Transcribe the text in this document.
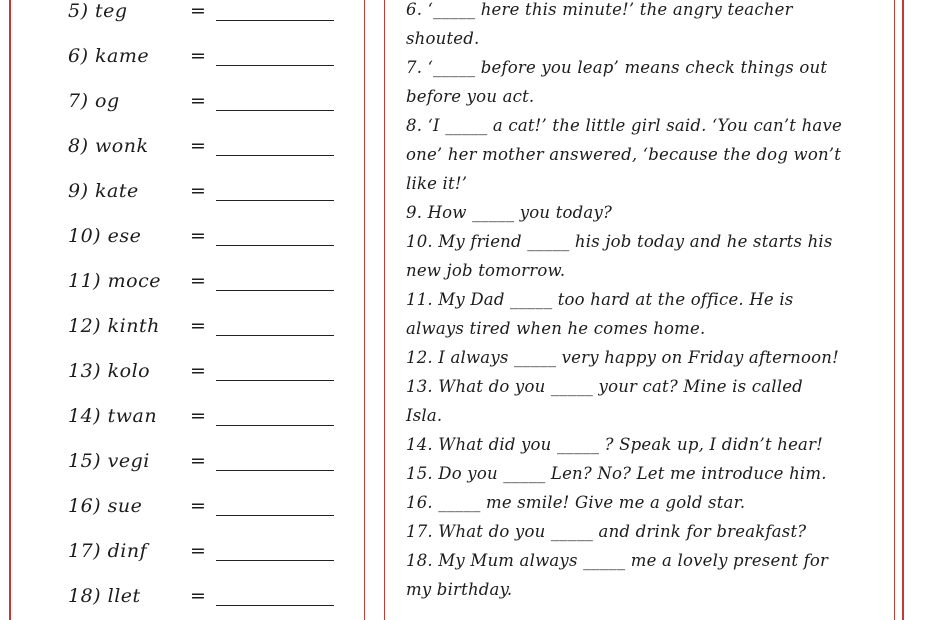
5) teg	=
6) kame =
7) og	=
8) wonk =
9) kate	=
10) ese	=
11) moce =
12) kinth =
13) kolo =
14) twan =
15) vegi =
16) sue	=
17) dinf =
18) llet	=
6. ‘_____ here this minute!’ the angry teacher
shouted.
7. ‘_____ before you leap’ means check things out
before you act.
8. ‘I _____ a cat!’ the little girl said. ‘You can’t have
one’ her mother answered, ‘because the dog won’t
like it!’
9. How _____ you today?
10. My friend _____ his job today and he starts his
new job tomorrow.
11. My Dad _____ too hard at the office. He is
always tired when he comes home.
12. I always _____ very happy on Friday afternoon!
13. What do you _____ your cat? Mine is called
Isla.
14. What did you _____ ? Speak up, I didn’t hear!
15. Do you _____ Len? No? Let me introduce him.
16. _____ me smile! Give me a gold star.
17. What do you _____ and drink for breakfast?
18. My Mum always _____ me a lovely present for
my birthday.
